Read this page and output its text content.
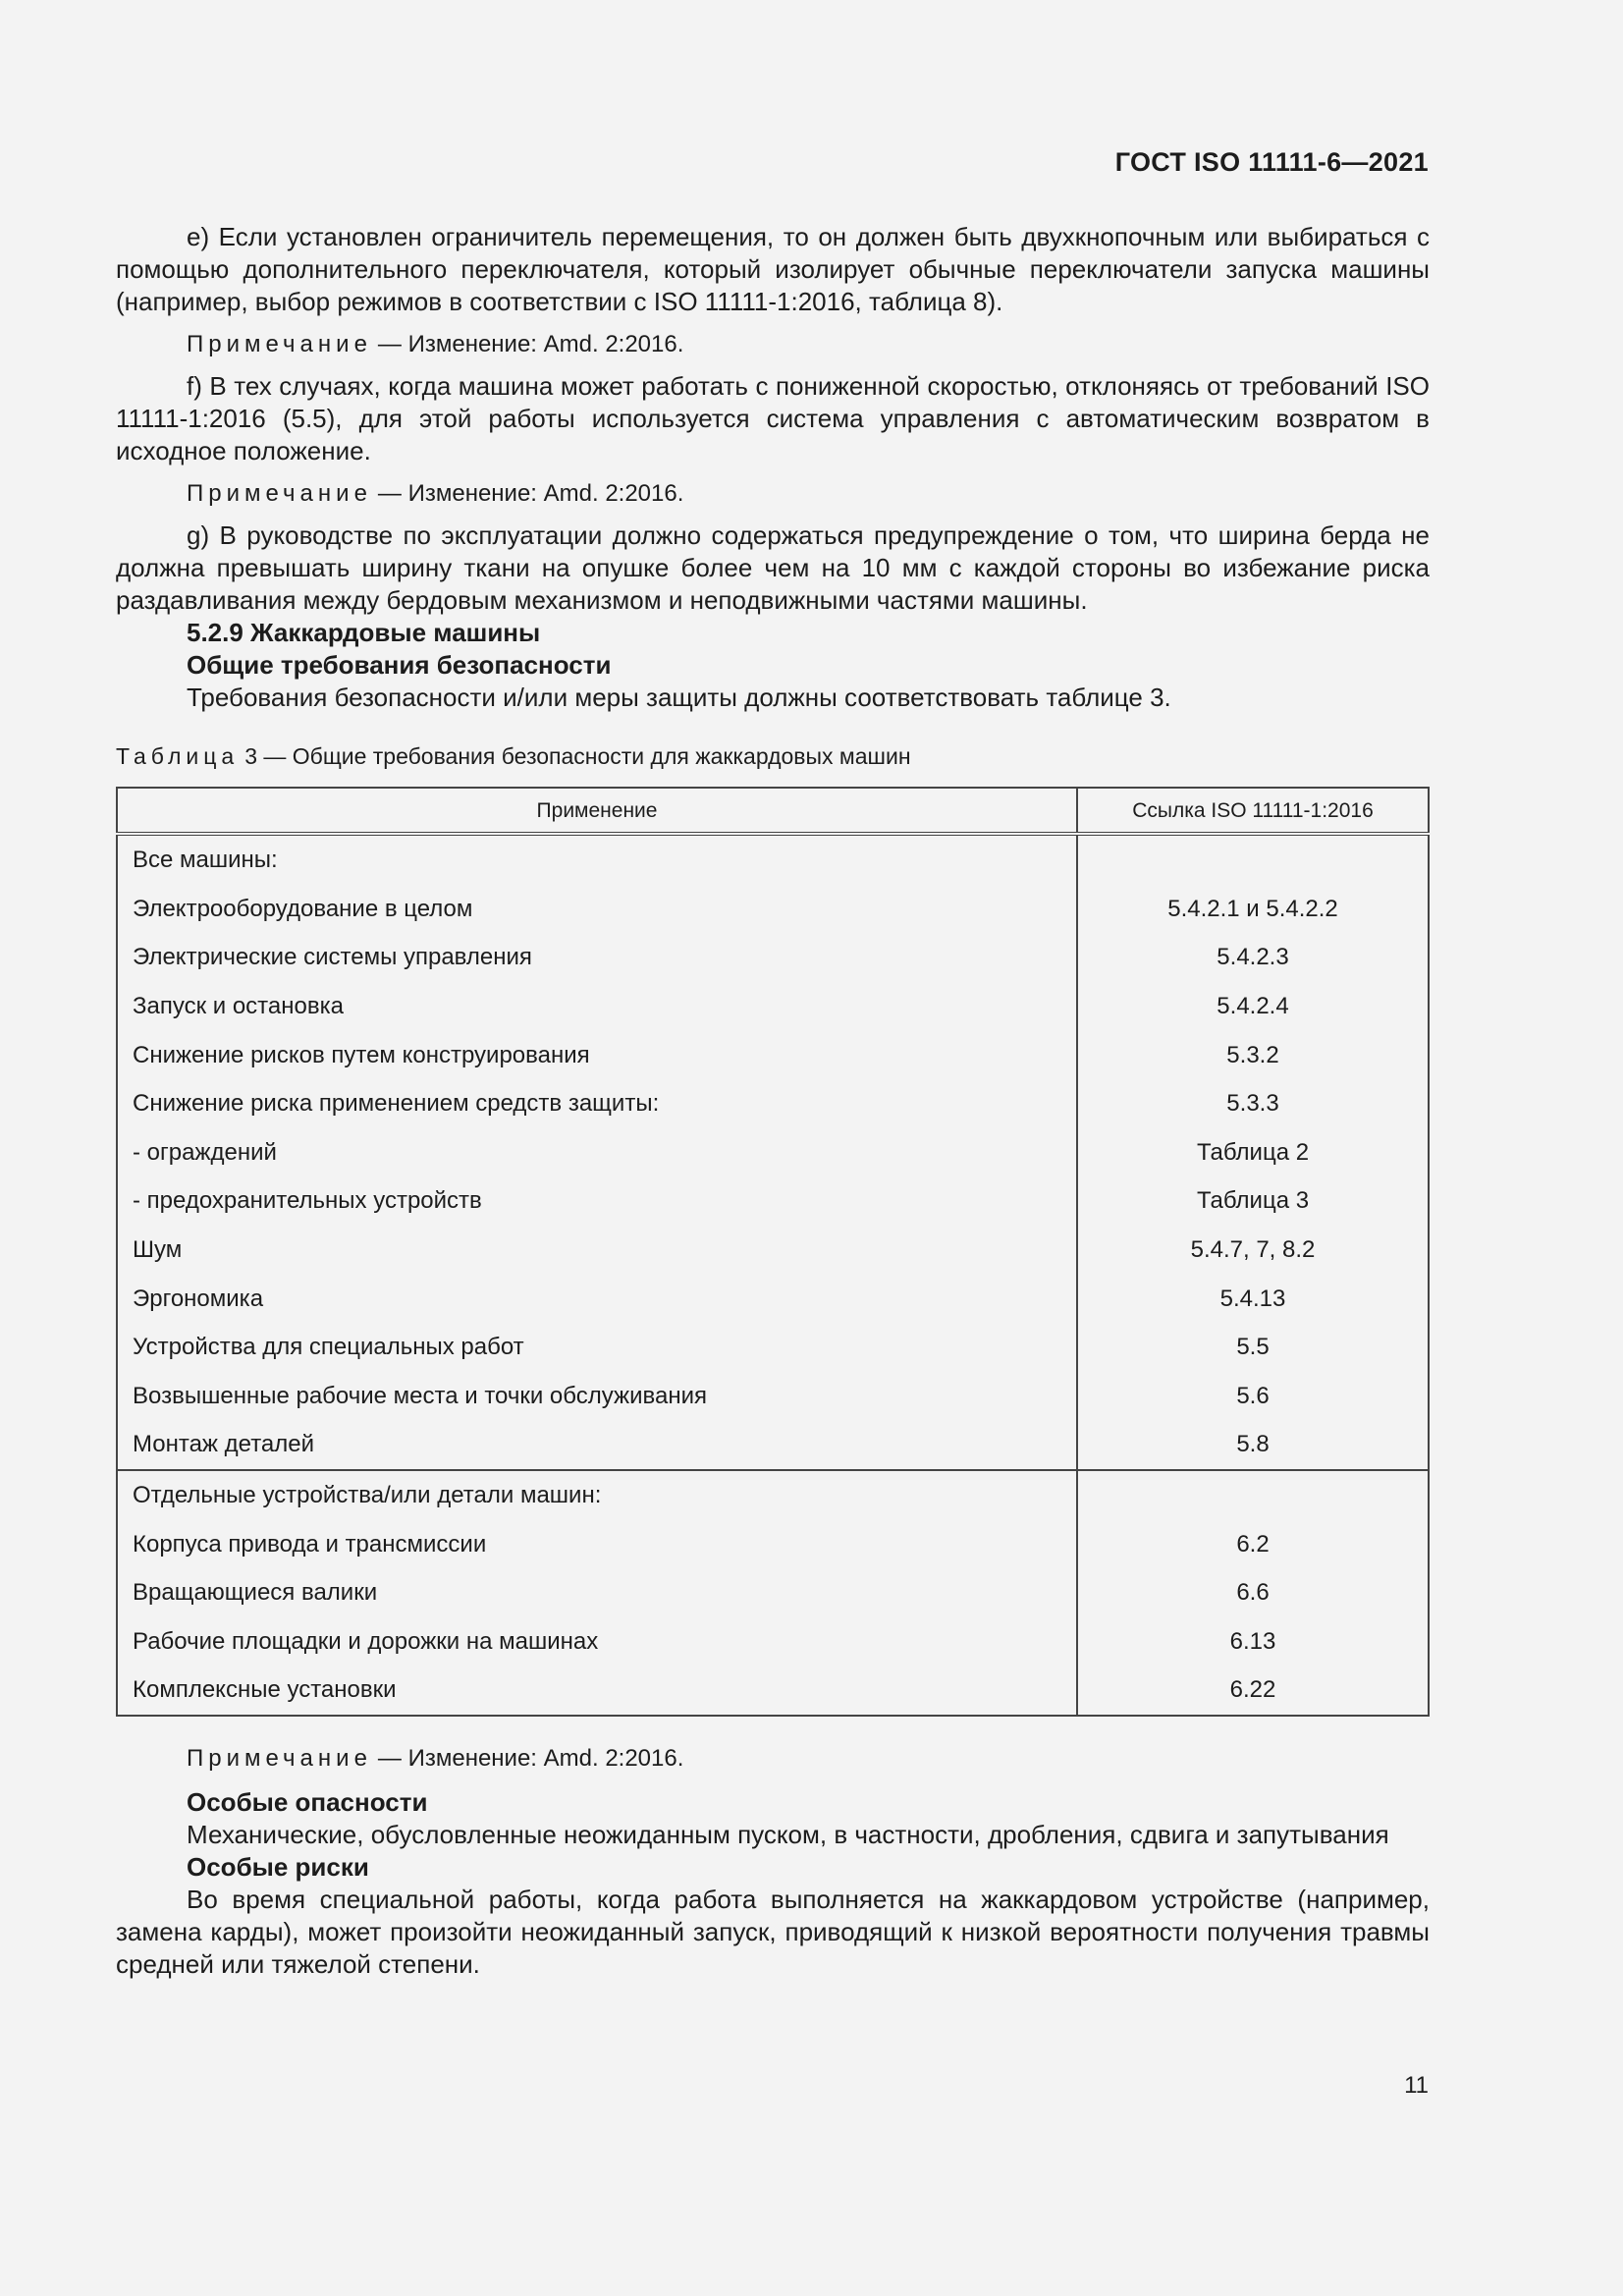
ГОСТ ISO 11111-6—2021

e) Если установлен ограничитель перемещения, то он должен быть двухкнопочным или выбираться с помощью дополнительного переключателя, который изолирует обычные переключатели запуска машины (например, выбор режимов в соответствии с ISO 11111-1:2016, таблица 8).

Примечание — Изменение: Amd. 2:2016.

f) В тех случаях, когда машина может работать с пониженной скоростью, отклоняясь от требований ISO 11111-1:2016 (5.5), для этой работы используется система управления с автоматическим возвратом в исходное положение.

Примечание — Изменение: Amd. 2:2016.

g) В руководстве по эксплуатации должно содержаться предупреждение о том, что ширина берда не должна превышать ширину ткани на опушке более чем на 10 мм с каждой стороны во избежание риска раздавливания между бердовым механизмом и неподвижными частями машины.

5.2.9 Жаккардовые машины

Общие требования безопасности

Требования безопасности и/или меры защиты должны соответствовать таблице 3.

Таблица 3 — Общие требования безопасности для жаккардовых машин
Применение	Ссылка ISO 11111-1:2016
Все машины:	
Электрооборудование в целом	5.4.2.1 и 5.4.2.2
Электрические системы управления	5.4.2.3
Запуск и остановка	5.4.2.4
Снижение рисков путем конструирования	5.3.2
Снижение риска применением средств защиты:	5.3.3
- ограждений	Таблица 2
- предохранительных устройств	Таблица 3
Шум	5.4.7, 7, 8.2
Эргономика	5.4.13
Устройства для специальных работ	5.5
Возвышенные рабочие места и точки обслуживания	5.6
Монтаж деталей	5.8
Отдельные устройства/или детали машин:	
Корпуса привода и трансмиссии	6.2
Вращающиеся валики	6.6
Рабочие площадки и дорожки на машинах	6.13
Комплексные установки	6.22
Примечание — Изменение: Amd. 2:2016.

Особые опасности

Механические, обусловленные неожиданным пуском, в частности, дробления, сдвига и запутывания

Особые риски

Во время специальной работы, когда работа выполняется на жаккардовом устройстве (например, замена карды), может произойти неожиданный запуск, приводящий к низкой вероятности получения травмы средней или тяжелой степени.

11
